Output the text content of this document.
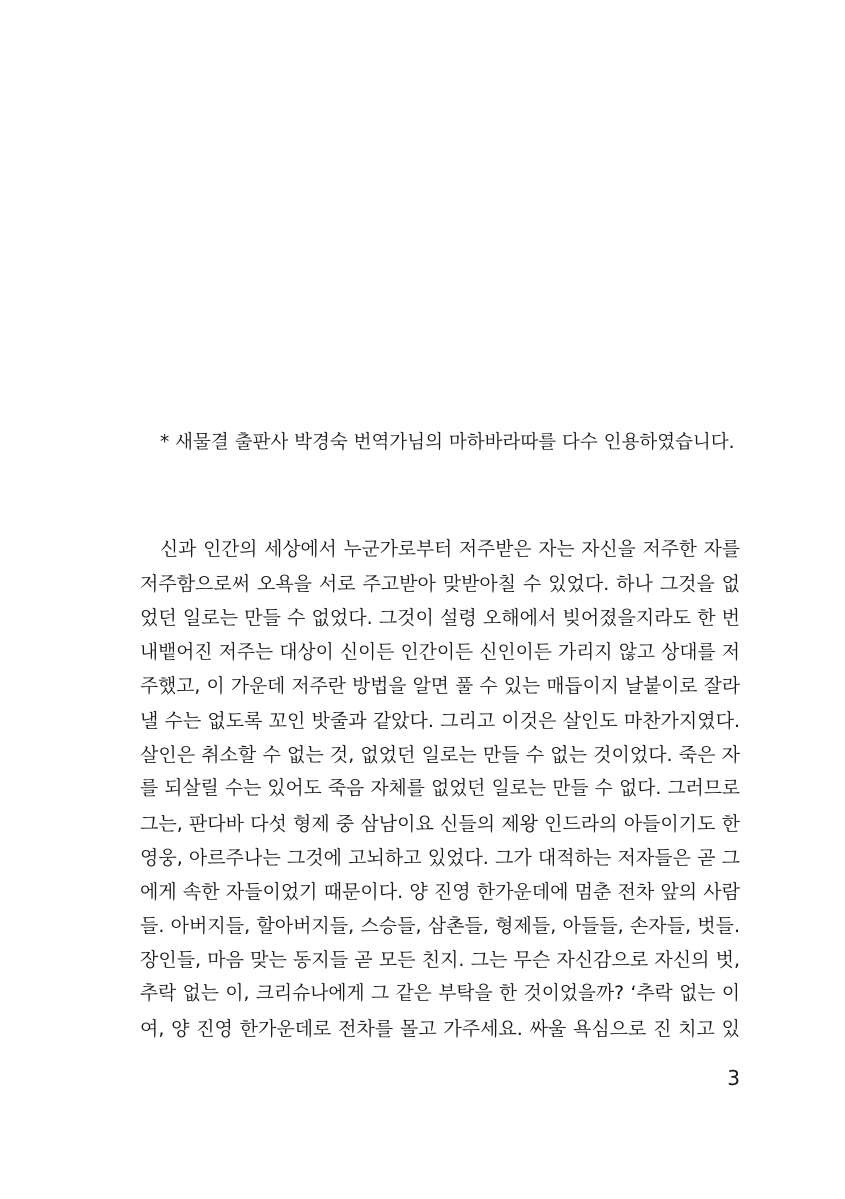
* 새물결 출판사 박경숙 번역가님의 마하바라따를 다수 인용하였습니다.
신과 인간의 세상에서 누군가로부터 저주받은 자는 자신을 저주한 자를
저주함으로써 오욕을 서로 주고받아 맞받아칠 수 있었다. 하나 그것을 없
었던 일로는 만들 수 없었다. 그것이 설령 오해에서 빚어졌을지라도 한 번
내뱉어진 저주는 대상이 신이든 인간이든 신인이든 가리지 않고 상대를 저
주했고, 이 가운데 저주란 방법을 알면 풀 수 있는 매듭이지 날붙이로 잘라
낼 수는 없도록 꼬인 밧줄과 같았다. 그리고 이것은 살인도 마찬가지였다.
살인은 취소할 수 없는 것, 없었던 일로는 만들 수 없는 것이었다. 죽은 자
를 되살릴 수는 있어도 죽음 자체를 없었던 일로는 만들 수 없다. 그러므로
그는, 판다바 다섯 형제 중 삼남이요 신들의 제왕 인드라의 아들이기도 한
영웅, 아르주나는 그것에 고뇌하고 있었다. 그가 대적하는 저자들은 곧 그
에게 속한 자들이었기 때문이다. 양 진영 한가운데에 멈춘 전차 앞의 사람
들. 아버지들, 할아버지들, 스승들, 삼촌들, 형제들, 아들들, 손자들, 벗들.
장인들, 마음 맞는 동지들 곧 모든 친지. 그는 무슨 자신감으로 자신의 벗,
추락 없는 이, 크리슈나에게 그 같은 부탁을 한 것이었을까? ‘추락 없는 이
여, 양 진영 한가운데로 전차를 몰고 가주세요. 싸울 욕심으로 진 치고 있
3
